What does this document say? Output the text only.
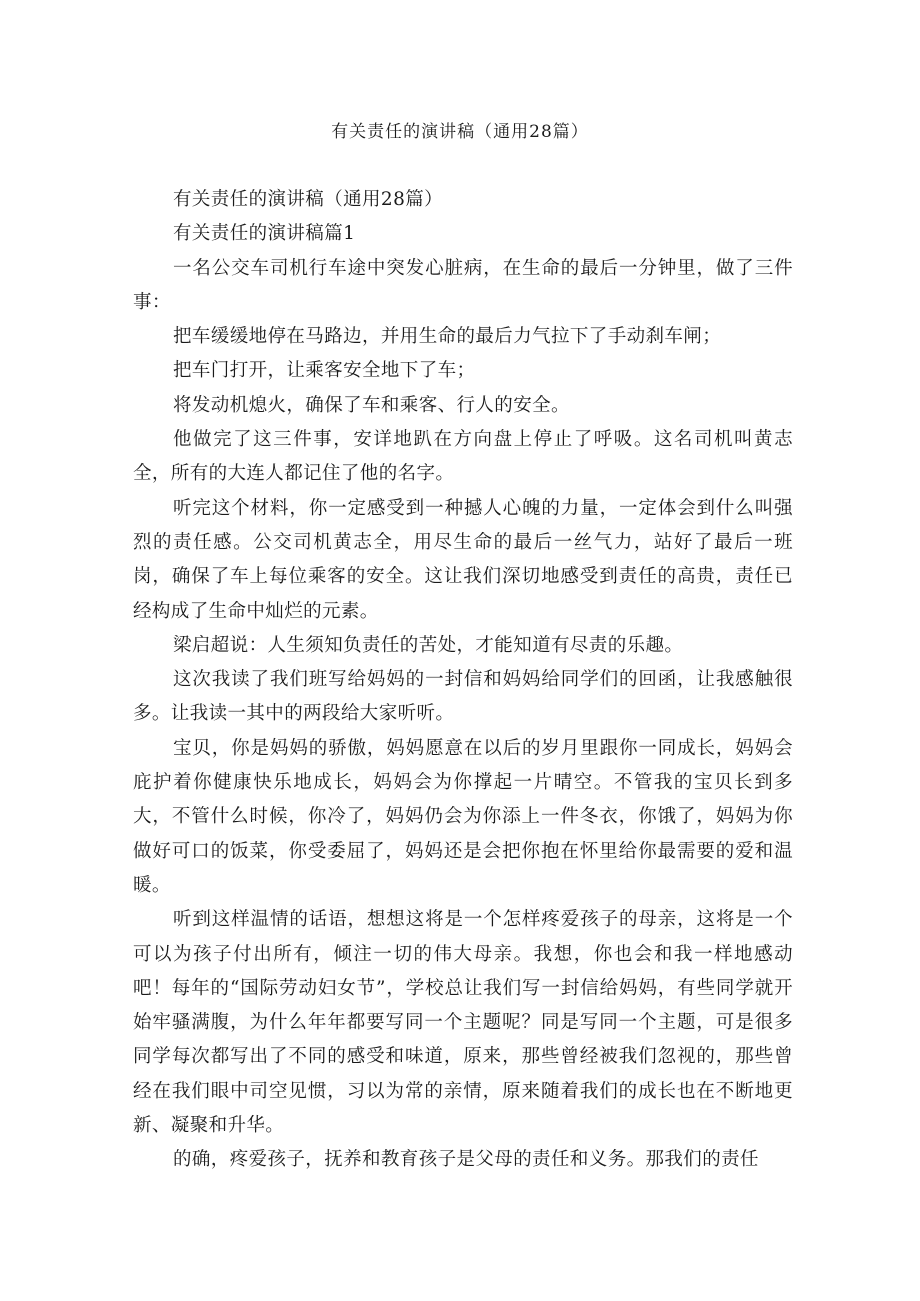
有关责任的演讲稿（通用28篇）

有关责任的演讲稿（通用28篇）

有关责任的演讲稿篇1

一名公交车司机行车途中突发心脏病，在生命的最后一分钟里，做了三件事：

把车缓缓地停在马路边，并用生命的最后力气拉下了手动刹车闸；

把车门打开，让乘客安全地下了车；

将发动机熄火，确保了车和乘客、行人的安全。

他做完了这三件事，安详地趴在方向盘上停止了呼吸。这名司机叫黄志全，所有的大连人都记住了他的名字。

听完这个材料，你一定感受到一种撼人心魄的力量，一定体会到什么叫强烈的责任感。公交司机黄志全，用尽生命的最后一丝气力，站好了最后一班岗，确保了车上每位乘客的安全。这让我们深切地感受到责任的高贵，责任已经构成了生命中灿烂的元素。

梁启超说：人生须知负责任的苦处，才能知道有尽责的乐趣。

这次我读了我们班写给妈妈的一封信和妈妈给同学们的回函，让我感触很多。让我读一其中的两段给大家听听。

宝贝，你是妈妈的骄傲，妈妈愿意在以后的岁月里跟你一同成长，妈妈会庇护着你健康快乐地成长，妈妈会为你撑起一片晴空。不管我的宝贝长到多大，不管什么时候，你冷了，妈妈仍会为你添上一件冬衣，你饿了，妈妈为你做好可口的饭菜，你受委屈了，妈妈还是会把你抱在怀里给你最需要的爱和温暖。

听到这样温情的话语，想想这将是一个怎样疼爱孩子的母亲，这将是一个可以为孩子付出所有，倾注一切的伟大母亲。我想，你也会和我一样地感动吧！每年的“国际劳动妇女节”，学校总让我们写一封信给妈妈，有些同学就开始牢骚满腹，为什么年年都要写同一个主题呢？同是写同一个主题，可是很多同学每次都写出了不同的感受和味道，原来，那些曾经被我们忽视的，那些曾经在我们眼中司空见惯，习以为常的亲情，原来随着我们的成长也在不断地更新、凝聚和升华。

的确，疼爱孩子，抚养和教育孩子是父母的责任和义务。那我们的责任
